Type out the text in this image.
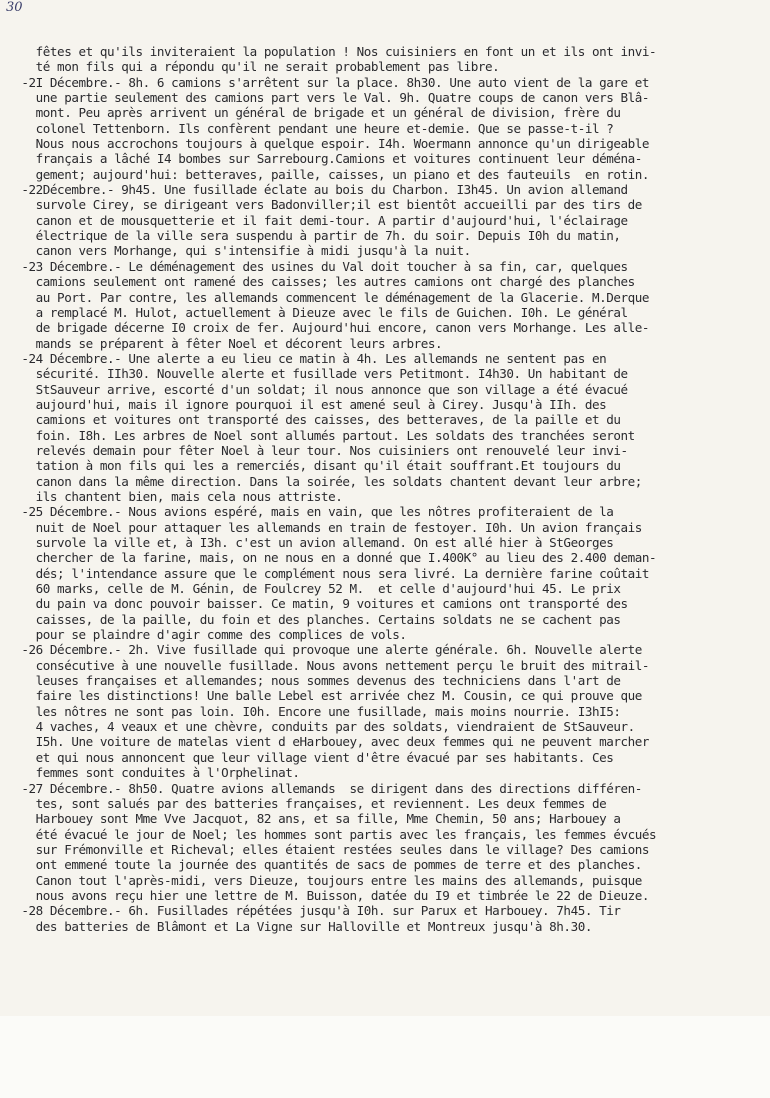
30
fêtes et qu'ils inviteraient la population ! Nos cuisiniers en font un et ils ont invi-
té mon fils qui a répondu qu'il ne serait probablement pas libre.
-2I Décembre.- 8h. 6 camions s'arrêtent sur la place. 8h30. Une auto vient de la gare et
une partie seulement des camions part vers le Val. 9h. Quatre coups de canon vers Blâ-
mont. Peu après arrivent un général de brigade et un général de division, frère du
colonel Tettenborn. Ils confèrent pendant une heure et-demie. Que se passe-t-il ?
Nous nous accrochons toujours à quelque espoir. I4h. Woermann annonce qu'un dirigeable
français a lâché I4 bombes sur Sarrebourg.Camions et voitures continuent leur déména-
gement; aujourd'hui: betteraves, paille, caisses, un piano et des fauteuils  en rotin.
-22Décembre.- 9h45. Une fusillade éclate au bois du Charbon. I3h45. Un avion allemand
survole Cirey, se dirigeant vers Badonviller;il est bientôt accueilli par des tirs de
canon et de mousquetterie et il fait demi-tour. A partir d'aujourd'hui, l'éclairage
électrique de la ville sera suspendu à partir de 7h. du soir. Depuis I0h du matin,
canon vers Morhange, qui s'intensifie à midi jusqu'à la nuit.
-23 Décembre.- Le déménagement des usines du Val doit toucher à sa fin, car, quelques
camions seulement ont ramené des caisses; les autres camions ont chargé des planches
au Port. Par contre, les allemands commencent le déménagement de la Glacerie. M.Derque
a remplacé M. Hulot, actuellement à Dieuze avec le fils de Guichen. I0h. Le général
de brigade décerne I0 croix de fer. Aujourd'hui encore, canon vers Morhange. Les alle-
mands se préparent à fêter Noel et décorent leurs arbres.
-24 Décembre.- Une alerte a eu lieu ce matin à 4h. Les allemands ne sentent pas en
sécurité. IIh30. Nouvelle alerte et fusillade vers Petitmont. I4h30. Un habitant de
StSauveur arrive, escorté d'un soldat; il nous annonce que son village a été évacué
aujourd'hui, mais il ignore pourquoi il est amené seul à Cirey. Jusqu'à IIh. des
camions et voitures ont transporté des caisses, des betteraves, de la paille et du
foin. I8h. Les arbres de Noel sont allumés partout. Les soldats des tranchées seront
relevés demain pour fêter Noel à leur tour. Nos cuisiniers ont renouvelé leur invi-
tation à mon fils qui les a remerciés, disant qu'il était souffrant.Et toujours du
canon dans la même direction. Dans la soirée, les soldats chantent devant leur arbre;
ils chantent bien, mais cela nous attriste.
-25 Décembre.- Nous avions espéré, mais en vain, que les nôtres profiteraient de la
nuit de Noel pour attaquer les allemands en train de festoyer. I0h. Un avion français
survole la ville et, à I3h. c'est un avion allemand. On est allé hier à StGeorges
chercher de la farine, mais, on ne nous en a donné que I.400K° au lieu des 2.400 deman-
dés; l'intendance assure que le complément nous sera livré. La dernière farine coûtait
60 marks, celle de M. Génin, de Foulcrey 52 M.  et celle d'aujourd'hui 45. Le prix
du pain va donc pouvoir baisser. Ce matin, 9 voitures et camions ont transporté des
caisses, de la paille, du foin et des planches. Certains soldats ne se cachent pas
pour se plaindre d'agir comme des complices de vols.
-26 Décembre.- 2h. Vive fusillade qui provoque une alerte générale. 6h. Nouvelle alerte
consécutive à une nouvelle fusillade. Nous avons nettement perçu le bruit des mitrail-
leuses françaises et allemandes; nous sommes devenus des techniciens dans l'art de
faire les distinctions! Une balle Lebel est arrivée chez M. Cousin, ce qui prouve que
les nôtres ne sont pas loin. I0h. Encore une fusillade, mais moins nourrie. I3hI5:
4 vaches, 4 veaux et une chèvre, conduits par des soldats, viendraient de StSauveur.
I5h. Une voiture de matelas vient d eHarbouey, avec deux femmes qui ne peuvent marcher
et qui nous annoncent que leur village vient d'être évacué par ses habitants. Ces
femmes sont conduites à l'Orphelinat.
-27 Décembre.- 8h50. Quatre avions allemands  se dirigent dans des directions différen-
tes, sont salués par des batteries françaises, et reviennent. Les deux femmes de
Harbouey sont Mme Vve Jacquot, 82 ans, et sa fille, Mme Chemin, 50 ans; Harbouey a
été évacué le jour de Noel; les hommes sont partis avec les français, les femmes évcués
sur Frémonville et Richeval; elles étaient restées seules dans le village? Des camions
ont emmené toute la journée des quantités de sacs de pommes de terre et des planches.
Canon tout l'après-midi, vers Dieuze, toujours entre les mains des allemands, puisque
nous avons reçu hier une lettre de M. Buisson, datée du I9 et timbrée le 22 de Dieuze.
-28 Décembre.- 6h. Fusillades répétées jusqu'à I0h. sur Parux et Harbouey. 7h45. Tir
des batteries de Blâmont et La Vigne sur Halloville et Montreux jusqu'à 8h.30.
